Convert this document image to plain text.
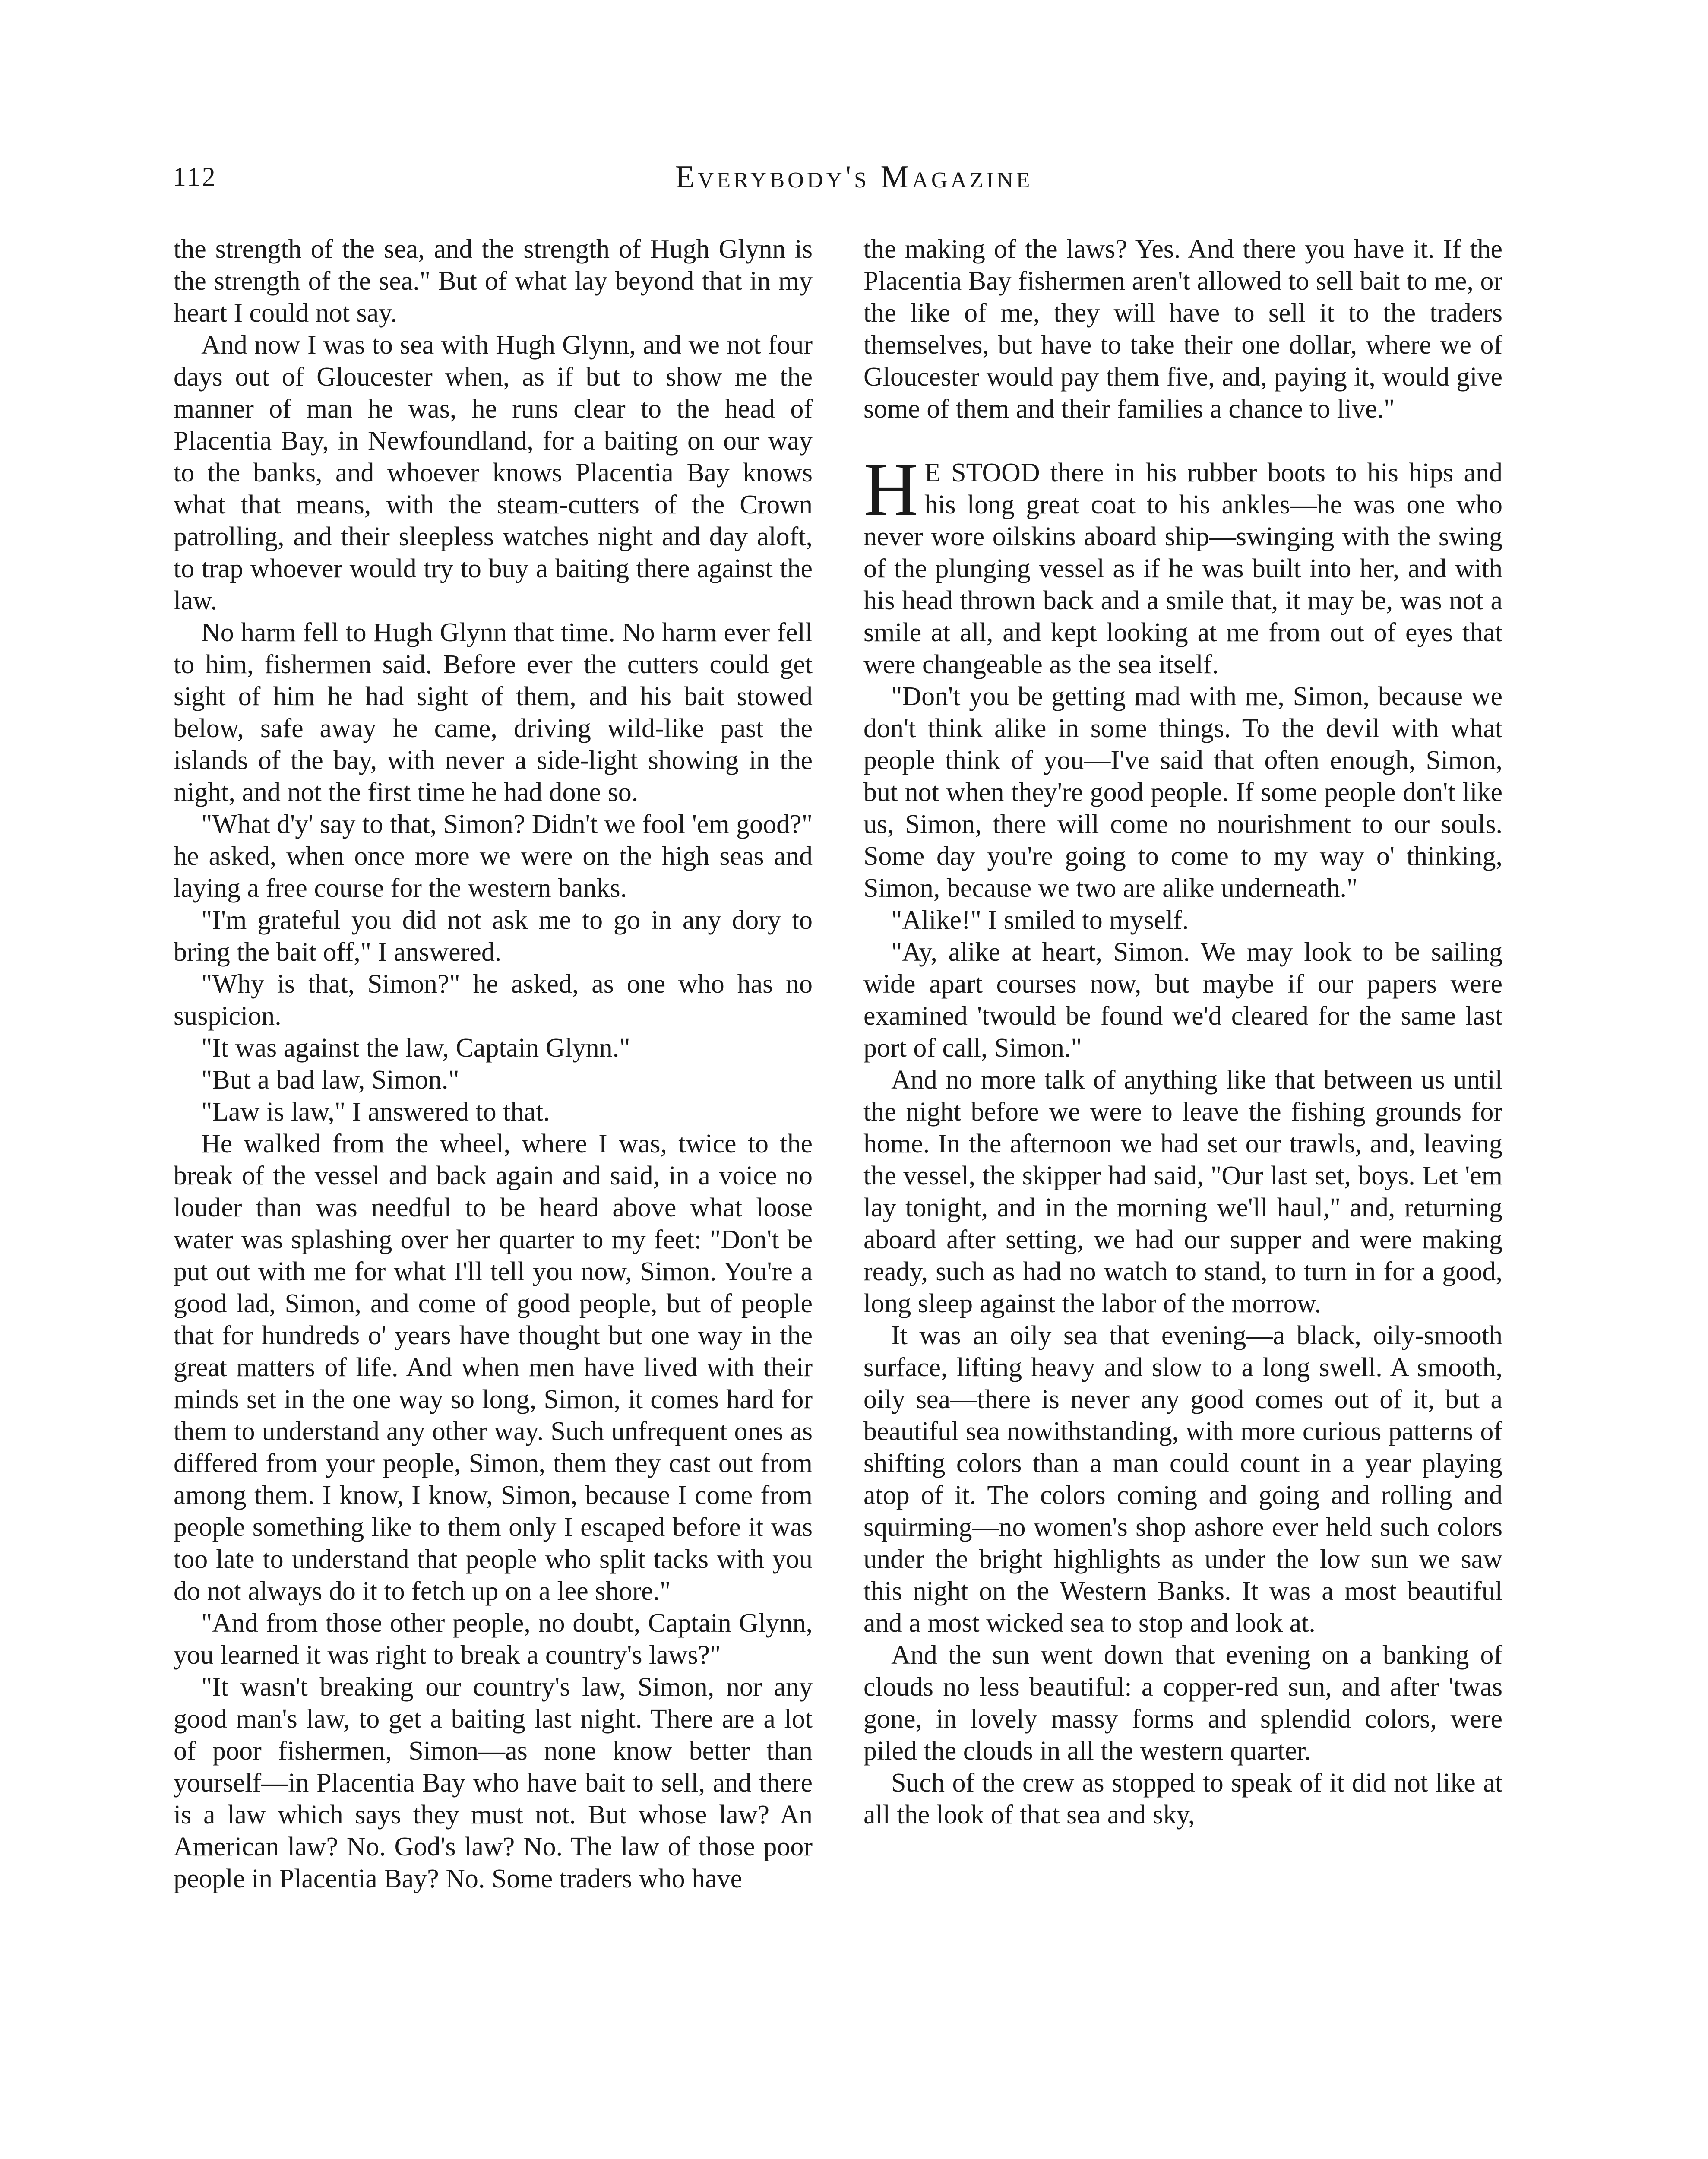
112	Everybody's Magazine

the strength of the sea, and the strength of Hugh Glynn is the strength of the sea." But of what lay beyond that in my heart I could not say.

And now I was to sea with Hugh Glynn, and we not four days out of Gloucester when, as if but to show me the manner of man he was, he runs clear to the head of Placentia Bay, in Newfoundland, for a baiting on our way to the banks, and whoever knows Placentia Bay knows what that means, with the steam-cutters of the Crown patrolling, and their sleepless watches night and day aloft, to trap whoever would try to buy a baiting there against the law.

No harm fell to Hugh Glynn that time. No harm ever fell to him, fishermen said. Before ever the cutters could get sight of him he had sight of them, and his bait stowed below, safe away he came, driving wild-like past the islands of the bay, with never a side-light showing in the night, and not the first time he had done so.

"What d'y' say to that, Simon? Didn't we fool 'em good?" he asked, when once more we were on the high seas and laying a free course for the western banks.

"I'm grateful you did not ask me to go in any dory to bring the bait off," I answered.

"Why is that, Simon?" he asked, as one who has no suspicion.

"It was against the law, Captain Glynn."

"But a bad law, Simon."

"Law is law," I answered to that.

He walked from the wheel, where I was, twice to the break of the vessel and back again and said, in a voice no louder than was needful to be heard above what loose water was splashing over her quarter to my feet: "Don't be put out with me for what I'll tell you now, Simon. You're a good lad, Simon, and come of good people, but of people that for hundreds o' years have thought but one way in the great matters of life. And when men have lived with their minds set in the one way so long, Simon, it comes hard for them to understand any other way. Such unfrequent ones as differed from your people, Simon, them they cast out from among them. I know, I know, Simon, because I come from people something like to them only I escaped before it was too late to understand that people who split tacks with you do not always do it to fetch up on a lee shore."

"And from those other people, no doubt, Captain Glynn, you learned it was right to break a country's laws?"

"It wasn't breaking our country's law, Simon, nor any good man's law, to get a baiting last night. There are a lot of poor fishermen, Simon—as none know better than yourself—in Placentia Bay who have bait to sell, and there is a law which says they must not. But whose law? An American law? No. God's law? No. The law of those poor people in Placentia Bay? No. Some traders who have

the making of the laws? Yes. And there you have it. If the Placentia Bay fishermen aren't allowed to sell bait to me, or the like of me, they will have to sell it to the traders themselves, but have to take their one dollar, where we of Gloucester would pay them five, and, paying it, would give some of them and their families a chance to live."

H E STOOD there in his rubber boots to his hips and his long great coat to his ankles—he was one who never wore oilskins aboard ship—swinging with the swing of the plunging vessel as if he was built into her, and with his head thrown back and a smile that, it may be, was not a smile at all, and kept looking at me from out of eyes that were changeable as the sea itself.

"Don't you be getting mad with me, Simon, because we don't think alike in some things. To the devil with what people think of you—I've said that often enough, Simon, but not when they're good people. If some people don't like us, Simon, there will come no nourishment to our souls. Some day you're going to come to my way o' thinking, Simon, because we two are alike underneath."

"Alike!" I smiled to myself.

"Ay, alike at heart, Simon. We may look to be sailing wide apart courses now, but maybe if our papers were examined 'twould be found we'd cleared for the same last port of call, Simon."

And no more talk of anything like that between us until the night before we were to leave the fishing grounds for home. In the afternoon we had set our trawls, and, leaving the vessel, the skipper had said, "Our last set, boys. Let 'em lay tonight, and in the morning we'll haul," and, returning aboard after setting, we had our supper and were making ready, such as had no watch to stand, to turn in for a good, long sleep against the labor of the morrow.

It was an oily sea that evening—a black, oily-smooth surface, lifting heavy and slow to a long swell. A smooth, oily sea—there is never any good comes out of it, but a beautiful sea nowithstanding, with more curious patterns of shifting colors than a man could count in a year playing atop of it. The colors coming and going and rolling and squirming—no women's shop ashore ever held such colors under the bright highlights as under the low sun we saw this night on the Western Banks. It was a most beautiful and a most wicked sea to stop and look at.

And the sun went down that evening on a banking of clouds no less beautiful: a copper-red sun, and after 'twas gone, in lovely massy forms and splendid colors, were piled the clouds in all the western quarter.

Such of the crew as stopped to speak of it did not like at all the look of that sea and sky,
